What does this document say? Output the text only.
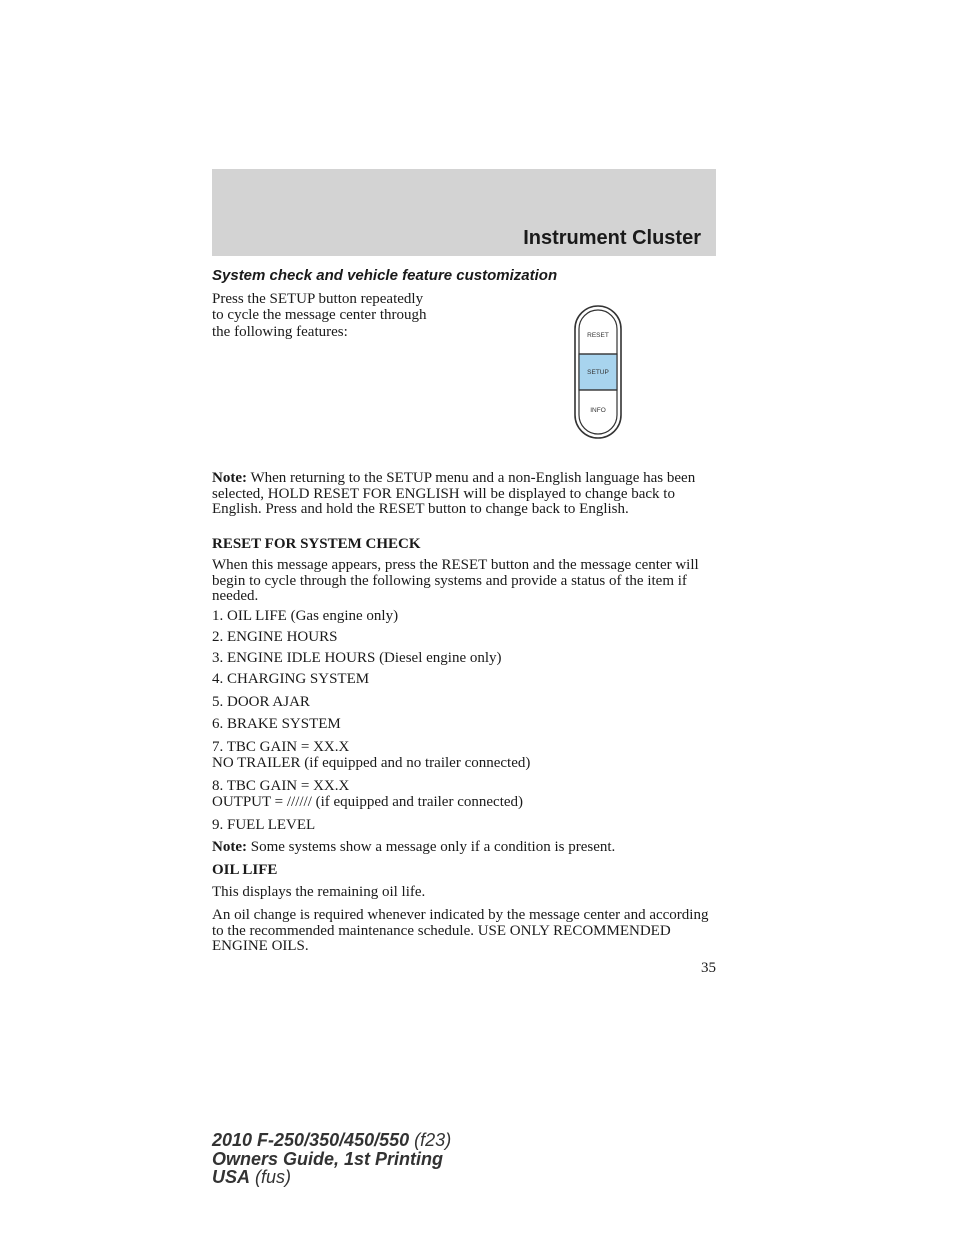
Instrument Cluster
System check and vehicle feature customization
Press the SETUP button repeatedly
to cycle the message center through
the following features:	RESET
SETUP
INFO

Note: When returning to the SETUP menu and a non-English language has been selected, HOLD RESET FOR ENGLISH will be displayed to change back to English. Press and hold the RESET button to change back to English.

RESET FOR SYSTEM CHECK

When this message appears, press the RESET button and the message center will begin to cycle through the following systems and provide a status of the item if needed.

1. OIL LIFE (Gas engine only)
2. ENGINE HOURS
3. ENGINE IDLE HOURS (Diesel engine only)
4. CHARGING SYSTEM
5. DOOR AJAR
6. BRAKE SYSTEM
7. TBC GAIN = XX.X
NO TRAILER (if equipped and no trailer connected)
8. TBC GAIN = XX.X
OUTPUT = ////// (if equipped and trailer connected)
9. FUEL LEVEL
Note: Some systems show a message only if a condition is present.
OIL LIFE
This displays the remaining oil life.

An oil change is required whenever indicated by the message center and according to the recommended maintenance schedule. USE ONLY RECOMMENDED ENGINE OILS.

35
2010 F-250/350/450/550 (f23)
Owners Guide, 1st Printing
USA (fus)
